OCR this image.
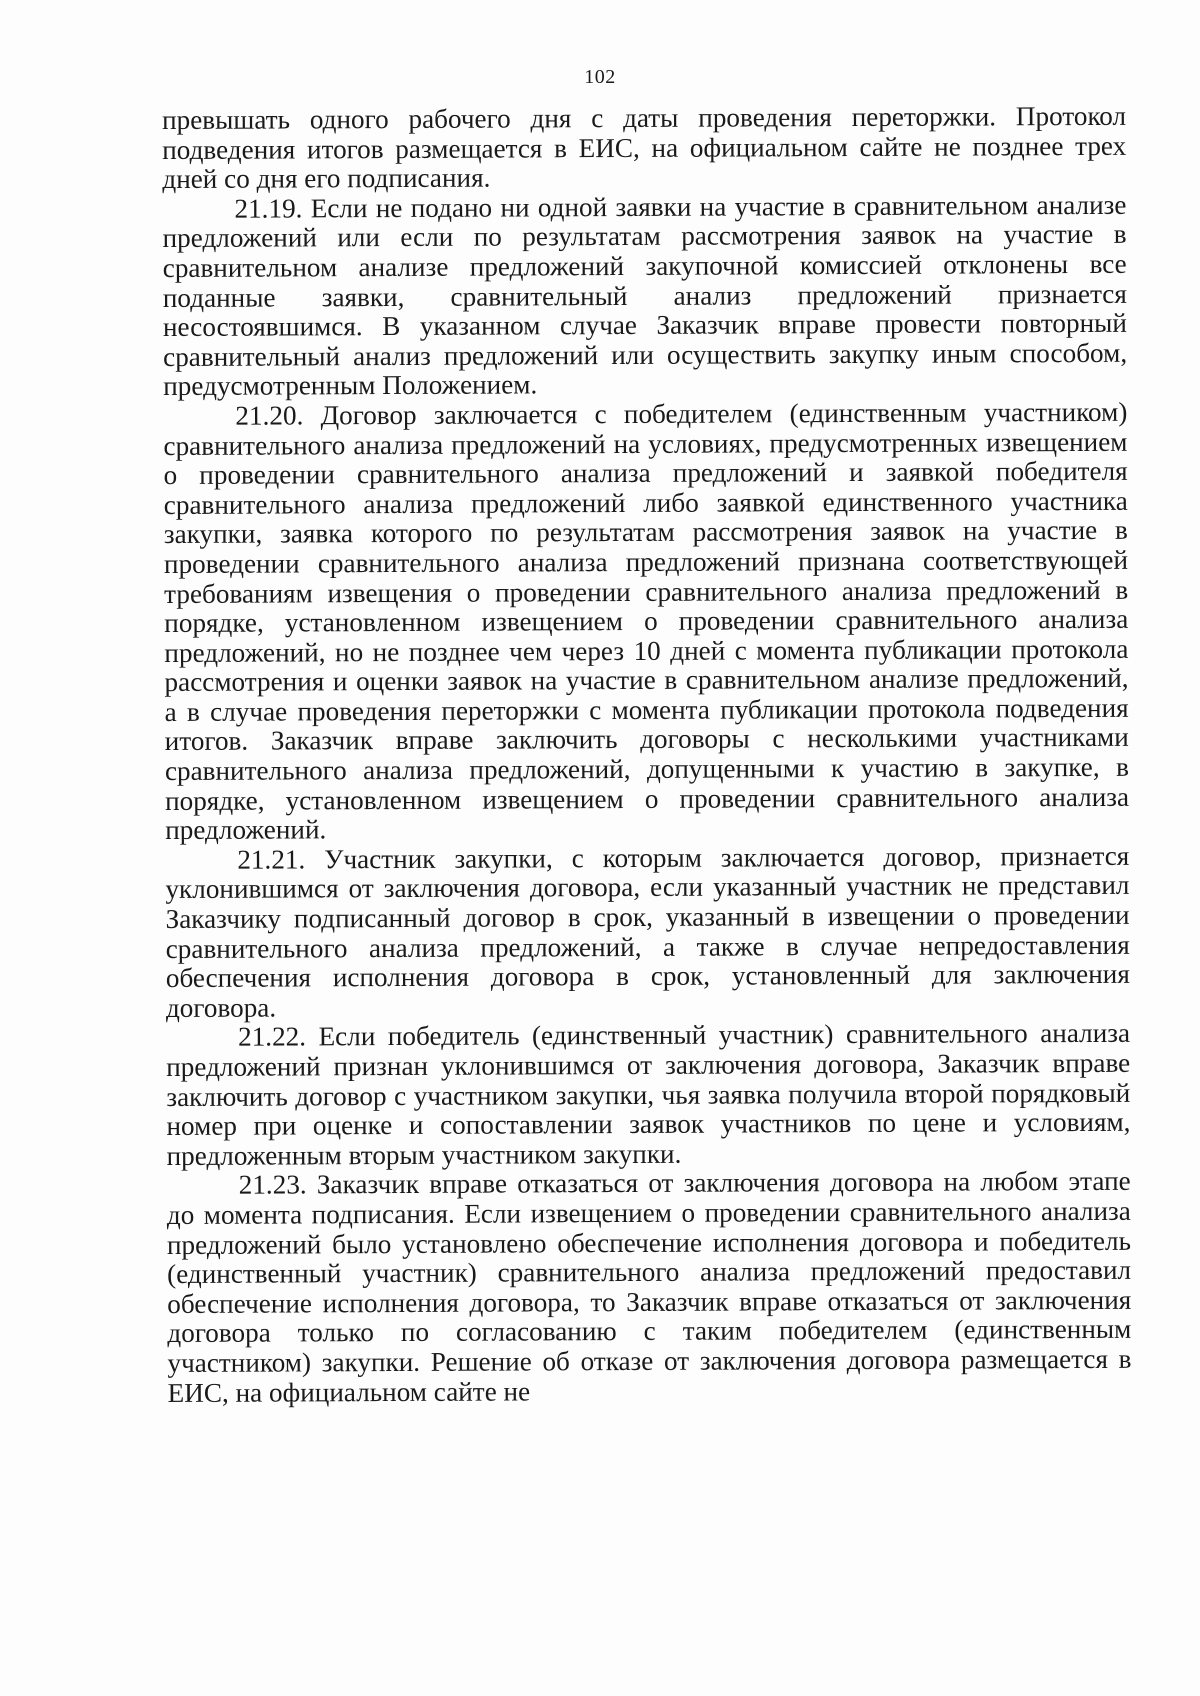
102

превышать одного рабочего дня с даты проведения переторжки. Протокол подведения итогов размещается в ЕИС, на официальном сайте не позднее трех дней со дня его подписания.

21.19. Если не подано ни одной заявки на участие в сравнительном анализе предложений или если по результатам рассмотрения заявок на участие в сравнительном анализе предложений закупочной комиссией отклонены все поданные заявки, сравнительный анализ предложений признается несостоявшимся. В указанном случае Заказчик вправе провести повторный сравнительный анализ предложений или осуществить закупку иным способом, предусмотренным Положением.

21.20. Договор заключается с победителем (единственным участником) сравнительного анализа предложений на условиях, предусмотренных извещением о проведении сравнительного анализа предложений и заявкой победителя сравнительного анализа предложений либо заявкой единственного участника закупки, заявка которого по результатам рассмотрения заявок на участие в проведении сравнительного анализа предложений признана соответствующей требованиям извещения о проведении сравнительного анализа предложений в порядке, установленном извещением о проведении сравнительного анализа предложений, но не позднее чем через 10 дней с момента публикации протокола рассмотрения и оценки заявок на участие в сравнительном анализе предложений, а в случае проведения переторжки с момента публикации протокола подведения итогов. Заказчик вправе заключить договоры с несколькими участниками сравнительного анализа предложений, допущенными к участию в закупке, в порядке, установленном извещением о проведении сравнительного анализа предложений.

21.21. Участник закупки, с которым заключается договор, признается уклонившимся от заключения договора, если указанный участник не представил Заказчику подписанный договор в срок, указанный в извещении о проведении сравнительного анализа предложений, а также в случае непредоставления обеспечения исполнения договора в срок, установленный для заключения договора.

21.22. Если победитель (единственный участник) сравнительного анализа предложений признан уклонившимся от заключения договора, Заказчик вправе заключить договор с участником закупки, чья заявка получила второй порядковый номер при оценке и сопоставлении заявок участников по цене и условиям, предложенным вторым участником закупки.

21.23. Заказчик вправе отказаться от заключения договора на любом этапе до момента подписания. Если извещением о проведении сравнительного анализа предложений было установлено обеспечение исполнения договора и победитель (единственный участник) сравнительного анализа предложений предоставил обеспечение исполнения договора, то Заказчик вправе отказаться от заключения договора только по согласованию с таким победителем (единственным участником) закупки. Решение об отказе от заключения договора размещается в ЕИС, на официальном сайте не
